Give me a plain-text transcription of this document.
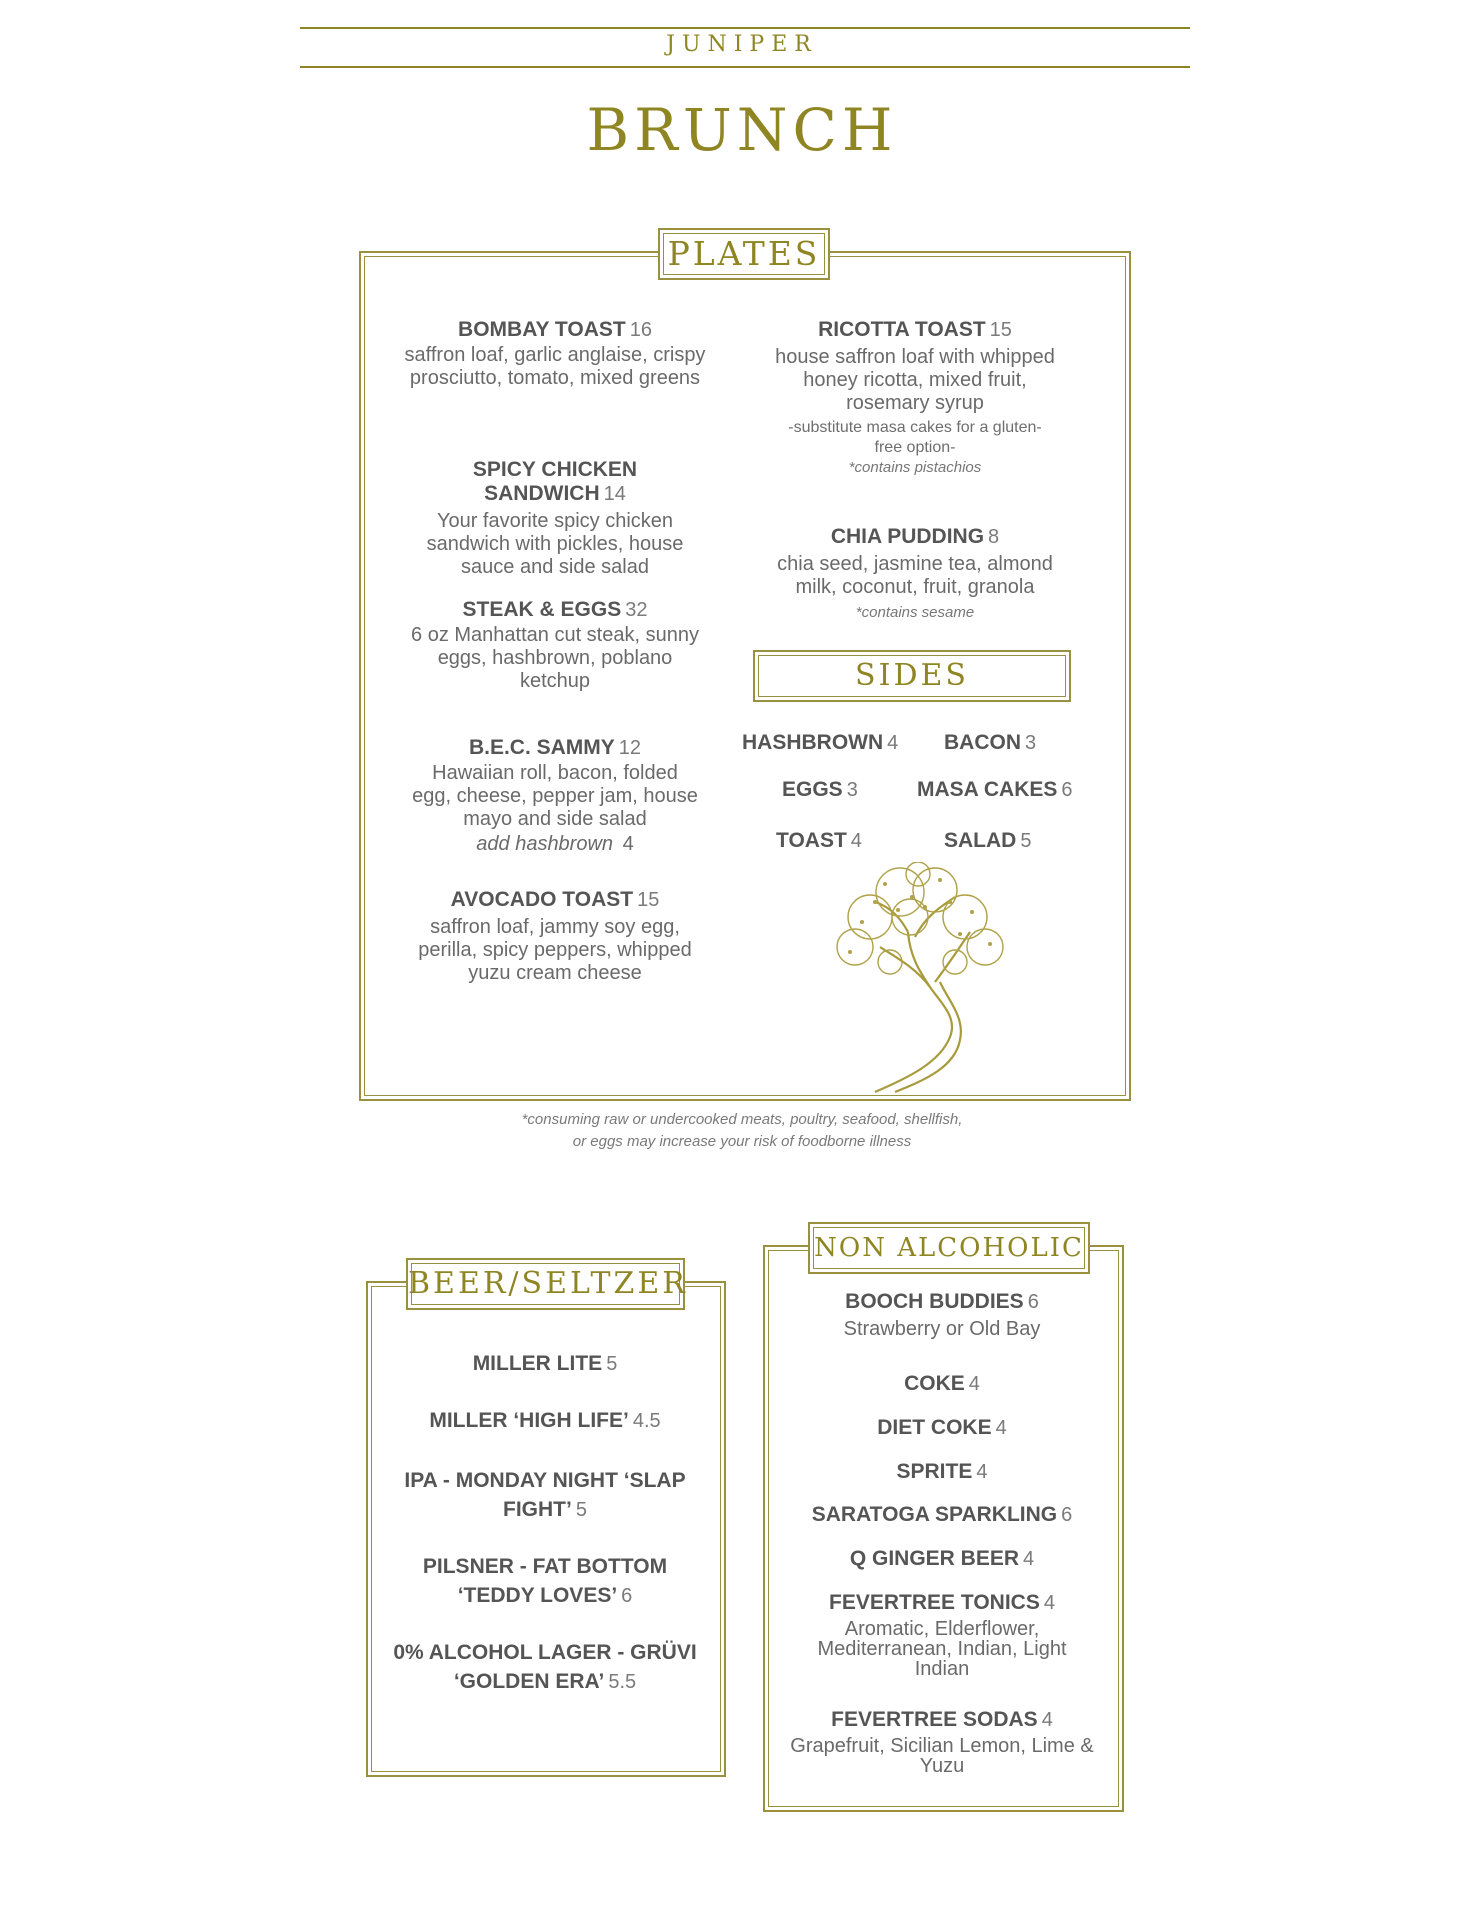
JUNIPER
BRUNCH
PLATES
BOMBAY TOAST 16
saffron loaf, garlic anglaise, crispy prosciutto, tomato, mixed greens
SPICY CHICKEN SANDWICH 14
Your favorite spicy chicken sandwich with pickles, house sauce and side salad
STEAK & EGGS 32
6 oz Manhattan cut steak, sunny eggs, hashbrown, poblano ketchup
B.E.C. SAMMY 12
Hawaiian roll, bacon, folded egg, cheese, pepper jam, house mayo and side salad
add hashbrown 4
AVOCADO TOAST 15
saffron loaf, jammy soy egg, perilla, spicy peppers, whipped yuzu cream cheese
RICOTTA TOAST 15
house saffron loaf with whipped honey ricotta, mixed fruit, rosemary syrup
-substitute masa cakes for a gluten-free option-
*contains pistachios
CHIA PUDDING 8
chia seed, jasmine tea, almond milk, coconut, fruit, granola
*contains sesame
SIDES
HASHBROWN 4 BACON 3
EGGS 3	MASA CAKES 6
TOAST 4	SALAD 5
*consuming raw or undercooked meats, poultry, seafood, shellfish,
or eggs may increase your risk of foodborne illness
BEER/SELTZER
MILLER LITE 5
MILLER ‘HIGH LIFE’ 4.5
IPA - MONDAY NIGHT ‘SLAP
FIGHT’ 5
PILSNER - FAT BOTTOM
‘TEDDY LOVES’ 6
0% ALCOHOL LAGER - GRÜVI
‘GOLDEN ERA’ 5.5
NON ALCOHOLIC
BOOCH BUDDIES 6
Strawberry or Old Bay
COKE 4
DIET COKE 4
SPRITE 4
SARATOGA SPARKLING 6
Q GINGER BEER 4
FEVERTREE TONICS 4
Aromatic, Elderflower, Mediterranean, Indian, Light Indian
FEVERTREE SODAS 4
Grapefruit, Sicilian Lemon, Lime & Yuzu
